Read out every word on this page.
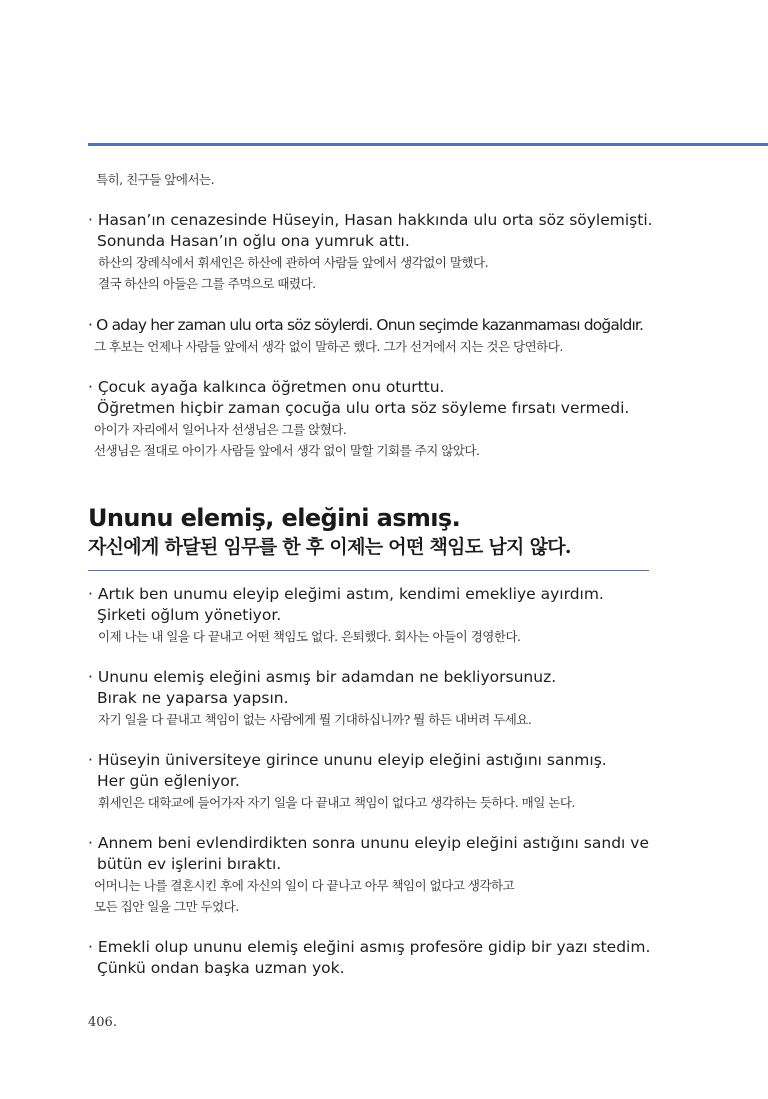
특히, 친구들 앞에서는.
· Hasan’ın cenazesinde Hüseyin, Hasan hakkında ulu orta söz söylemişti.
Sonunda Hasan’ın oğlu ona yumruk attı.
하산의 장례식에서 휘세인은 하산에 관하여 사람들 앞에서 생각없이 말했다.
결국 하산의 아들은 그를 주먹으로 때렸다.
· O aday her zaman ulu orta söz söylerdi. Onun seçimde kazanmaması doğaldır.
그 후보는 언제나 사람들 앞에서 생각 없이 말하곤 했다. 그가 선거에서 지는 것은 당연하다.
· Çocuk ayağa kalkınca öğretmen onu oturttu.
Öğretmen hiçbir zaman çocuğa ulu orta söz söyleme fırsatı vermedi.
아이가 자리에서 일어나자 선생님은 그를 앉혔다.
선생님은 절대로 아이가 사람들 앞에서 생각 없이 말할 기회를 주지 않았다.
Ununu elemiş, eleğini asmış.
자신에게 하달된 임무를 한 후 이제는 어떤 책임도 남지 않다.
· Artık ben unumu eleyip eleğimi astım, kendimi emekliye ayırdım.
Şirketi oğlum yönetiyor.
이제 나는 내 일을 다 끝내고 어떤 책임도 없다. 은퇴했다. 회사는 아들이 경영한다.
· Ununu elemiş eleğini asmış bir adamdan ne bekliyorsunuz.
Bırak ne yaparsa yapsın.
자기 일을 다 끝내고 책임이 없는 사람에게 뭘 기대하십니까? 뭘 하든 내버려 두세요.
· Hüseyin üniversiteye girince ununu eleyip eleğini astığını sanmış.
Her gün eğleniyor.
휘세인은 대학교에 들어가자 자기 일을 다 끝내고 책임이 없다고 생각하는 듯하다. 매일 논다.
· Annem beni evlendirdikten sonra ununu eleyip eleğini astığını sandı ve
bütün ev işlerini bıraktı.
어머니는 나를 결혼시킨 후에 자신의 일이 다 끝나고 아무 책임이 없다고 생각하고
모든 집안 일을 그만 두었다.
· Emekli olup ununu elemiş eleğini asmış profesöre gidip bir yazı stedim.
Çünkü ondan başka uzman yok.
406.
